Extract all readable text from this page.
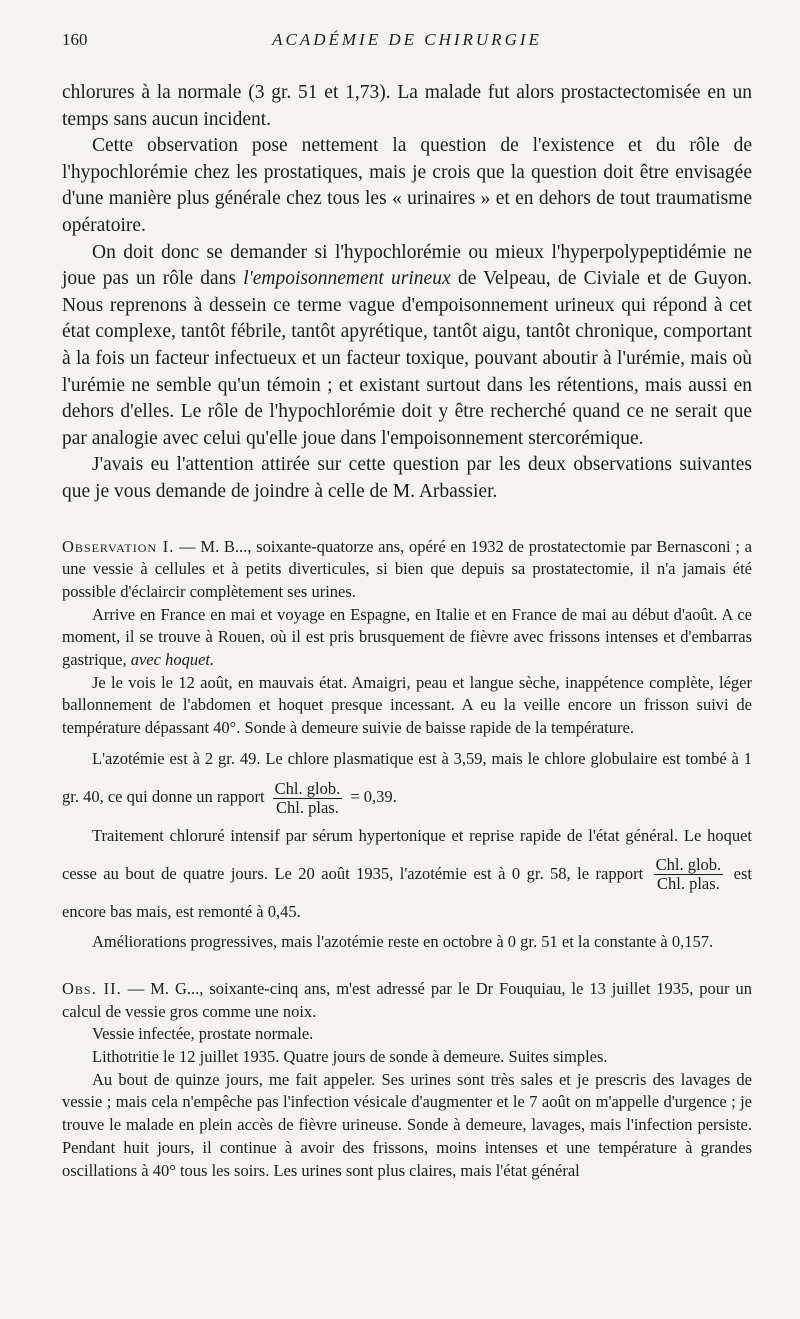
160	ACADÉMIE DE CHIRURGIE

chlorures à la normale (3 gr. 51 et 1,73). La malade fut alors prostactectomisée en un temps sans aucun incident.

Cette observation pose nettement la question de l'existence et du rôle de l'hypochlorémie chez les prostatiques, mais je crois que la question doit être envisagée d'une manière plus générale chez tous les « urinaires » et en dehors de tout traumatisme opératoire.

On doit donc se demander si l'hypochlorémie ou mieux l'hyperpolypeptidémie ne joue pas un rôle dans l'empoisonnement urineux de Velpeau, de Civiale et de Guyon. Nous reprenons à dessein ce terme vague d'empoisonnement urineux qui répond à cet état complexe, tantôt fébrile, tantôt apyrétique, tantôt aigu, tantôt chronique, comportant à la fois un facteur infectueux et un facteur toxique, pouvant aboutir à l'urémie, mais où l'urémie ne semble qu'un témoin ; et existant surtout dans les rétentions, mais aussi en dehors d'elles. Le rôle de l'hypochlorémie doit y être recherché quand ce ne serait que par analogie avec celui qu'elle joue dans l'empoisonnement stercorémique.

J'avais eu l'attention attirée sur cette question par les deux observations suivantes que je vous demande de joindre à celle de M. Arbassier.

Observation I. — M. B..., soixante-quatorze ans, opéré en 1932 de prostatectomie par Bernasconi ; a une vessie à cellules et à petits diverticules, si bien que depuis sa prostatectomie, il n'a jamais été possible d'éclaircir complètement ses urines.

Arrive en France en mai et voyage en Espagne, en Italie et en France de mai au début d'août. A ce moment, il se trouve à Rouen, où il est pris brusquement de fièvre avec frissons intenses et d'embarras gastrique, avec hoquet.

Je le vois le 12 août, en mauvais état. Amaigri, peau et langue sèche, inappétence complète, léger ballonnement de l'abdomen et hoquet presque incessant. A eu la veille encore un frisson suivi de température dépassant 40°. Sonde à demeure suivie de baisse rapide de la température.

L'azotémie est à 2 gr. 49. Le chlore plasmatique est à 3,59, mais le chlore globulaire est tombé à 1 gr. 40, ce qui donne un rapport $\frac{\text{Chl. glob.}}{\text{Chl. plas.}} = 0,39$.

Traitement chloruré intensif par sérum hypertonique et reprise rapide de l'état général. Le hoquet cesse au bout de quatre jours. Le 20 août 1935, l'azotémie est à 0 gr. 58, le rapport $\frac{\text{Chl. glob.}}{\text{Chl. plas.}}$ est encore bas mais, est remonté à 0,45.

Améliorations progressives, mais l'azotémie reste en octobre à 0 gr. 51 et la constante à 0,157.

Obs. II. — M. G..., soixante-cinq ans, m'est adressé par le Dr Fouquiau, le 13 juillet 1935, pour un calcul de vessie gros comme une noix.

Vessie infectée, prostate normale.

Lithotritie le 12 juillet 1935. Quatre jours de sonde à demeure. Suites simples.

Au bout de quinze jours, me fait appeler. Ses urines sont très sales et je prescris des lavages de vessie ; mais cela n'empêche pas l'infection vésicale d'augmenter et le 7 août on m'appelle d'urgence ; je trouve le malade en plein accès de fièvre urineuse. Sonde à demeure, lavages, mais l'infection persiste. Pendant huit jours, il continue à avoir des frissons, moins intenses et une température à grandes oscillations à 40° tous les soirs. Les urines sont plus claires, mais l'état général
